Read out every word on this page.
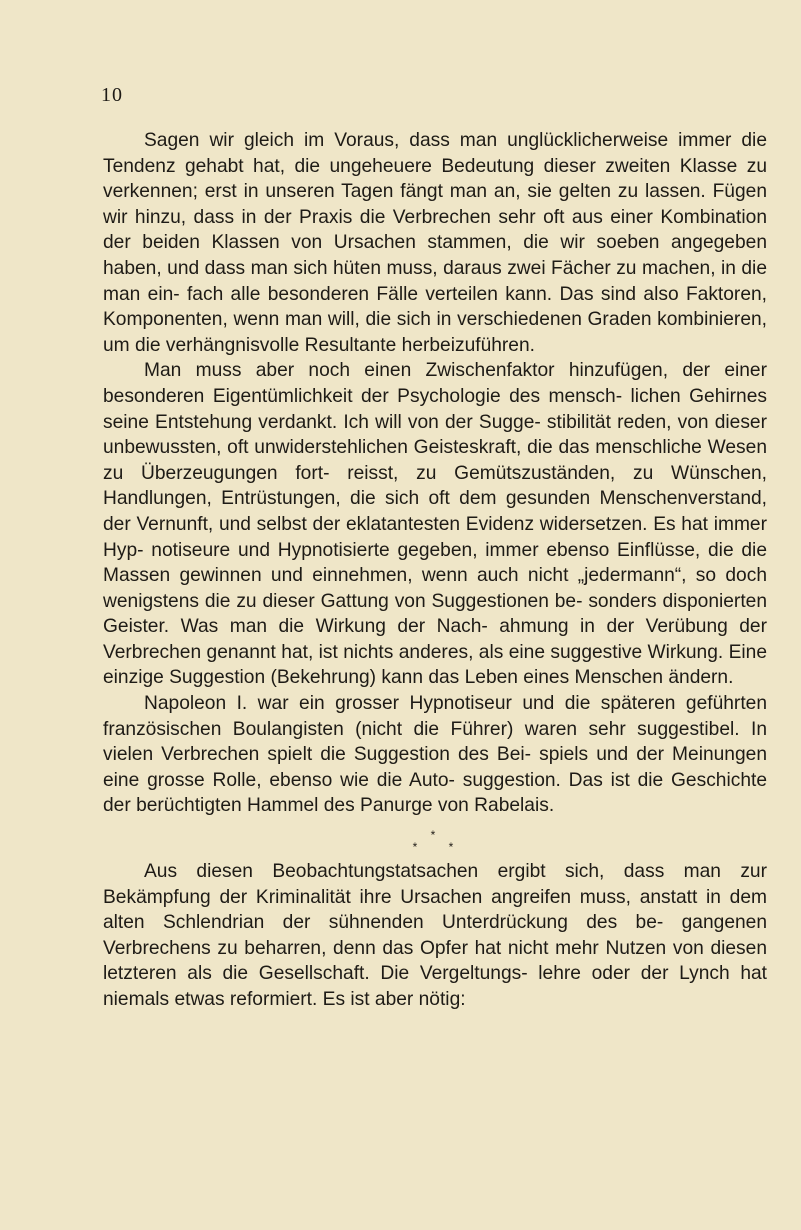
10

Sagen wir gleich im Voraus, dass man unglücklicherweise immer die Tendenz gehabt hat, die ungeheuere Bedeutung dieser zweiten Klasse zu verkennen; erst in unseren Tagen fängt man an, sie gelten zu lassen. Fügen wir hinzu, dass in der Praxis die Verbrechen sehr oft aus einer Kombination der beiden Klassen von Ursachen stammen, die wir soeben angegeben haben, und dass man sich hüten muss, daraus zwei Fächer zu machen, in die man ein- fach alle besonderen Fälle verteilen kann. Das sind also Faktoren, Komponenten, wenn man will, die sich in verschiedenen Graden kombinieren, um die verhängnisvolle Resultante herbeizuführen.

Man muss aber noch einen Zwischenfaktor hinzufügen, der einer besonderen Eigentümlichkeit der Psychologie des mensch- lichen Gehirnes seine Entstehung verdankt. Ich will von der Sugge- stibilität reden, von dieser unbewussten, oft unwiderstehlichen Geisteskraft, die das menschliche Wesen zu Überzeugungen fort- reisst, zu Gemütszuständen, zu Wünschen, Handlungen, Entrüstungen, die sich oft dem gesunden Menschenverstand, der Vernunft, und selbst der eklatantesten Evidenz widersetzen. Es hat immer Hyp- notiseure und Hypnotisierte gegeben, immer ebenso Einflüsse, die die Massen gewinnen und einnehmen, wenn auch nicht „jedermann“, so doch wenigstens die zu dieser Gattung von Suggestionen be- sonders disponierten Geister. Was man die Wirkung der Nach- ahmung in der Verübung der Verbrechen genannt hat, ist nichts anderes, als eine suggestive Wirkung. Eine einzige Suggestion (Bekehrung) kann das Leben eines Menschen ändern.

Napoleon I. war ein grosser Hypnotiseur und die späteren geführten französischen Boulangisten (nicht die Führer) waren sehr suggestibel. In vielen Verbrechen spielt die Suggestion des Bei- spiels und der Meinungen eine grosse Rolle, ebenso wie die Auto- suggestion. Das ist die Geschichte der berüchtigten Hammel des Panurge von Rabelais.

*
*	*

Aus diesen Beobachtungstatsachen ergibt sich, dass man zur Bekämpfung der Kriminalität ihre Ursachen angreifen muss, anstatt in dem alten Schlendrian der sühnenden Unterdrückung des be- gangenen Verbrechens zu beharren, denn das Opfer hat nicht mehr Nutzen von diesen letzteren als die Gesellschaft. Die Vergeltungs- lehre oder der Lynch hat niemals etwas reformiert. Es ist aber nötig:
